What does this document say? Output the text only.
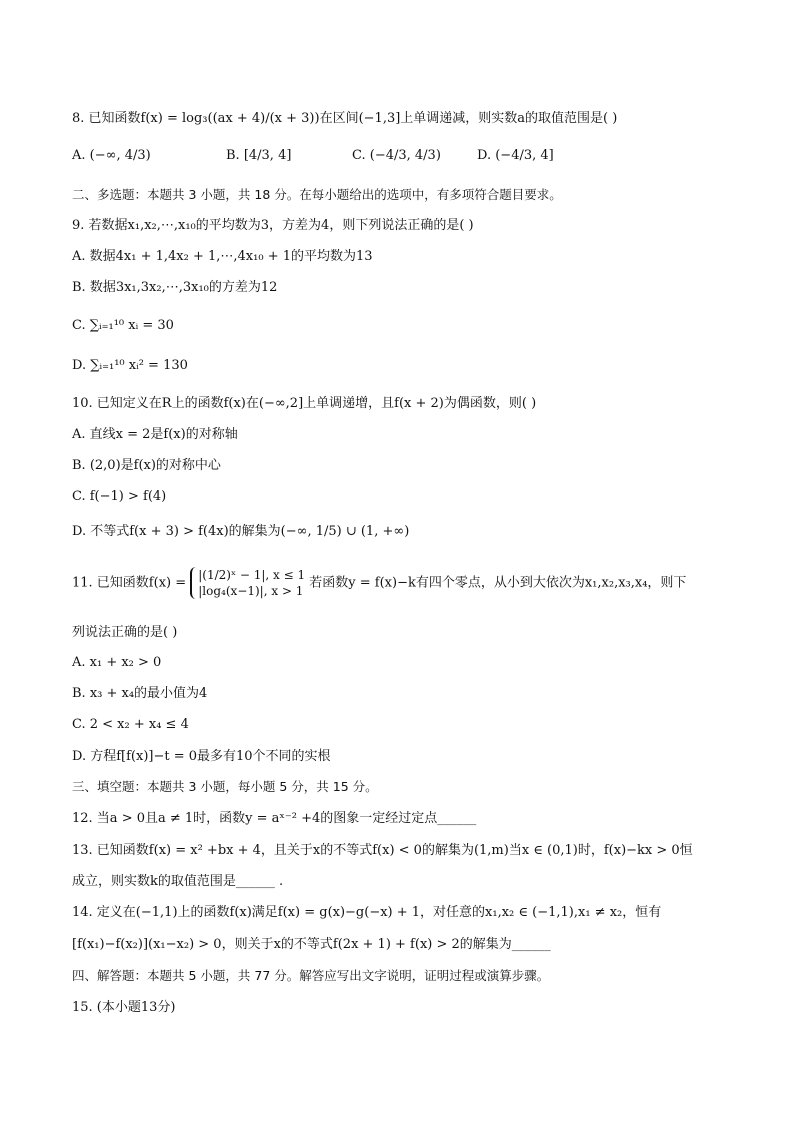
8. 已知函数f(x) = log₃((ax + 4)/(x + 3))在区间(−1,3]上单调递减，则实数a的取值范围是( )
A. (−∞, 4/3)	B. [4/3, 4]	C. (−4/3, 4/3)	D. (−4/3, 4]
二、多选题：本题共 3 小题，共 18 分。在每小题给出的选项中，有多项符合题目要求。
9. 若数据x₁,x₂,⋯,x₁₀的平均数为3，方差为4，则下列说法正确的是( )
A. 数据4x₁ + 1,4x₂ + 1,⋯,4x₁₀ + 1的平均数为13
B. 数据3x₁,3x₂,⋯,3x₁₀的方差为12
C. ∑ᵢ₌₁¹⁰ xᵢ = 30
D. ∑ᵢ₌₁¹⁰ xᵢ² = 130
10. 已知定义在R上的函数f(x)在(−∞,2]上单调递增，且f(x + 2)为偶函数，则( )
A. 直线x = 2是f(x)的对称轴
B. (2,0)是f(x)的对称中心
C. f(−1) > f(4)
D. 不等式f(x + 3) > f(4x)的解集为(−∞, 1/5) ∪ (1, +∞)
11. 已知函数f(x) =
|(1/2)ˣ − 1|, x ≤ 1
|log₄(x−1)|, x > 1
若函数y = f(x)−k有四个零点，从小到大依次为x₁,x₂,x₃,x₄，则下
列说法正确的是( )
A. x₁ + x₂ > 0
B. x₃ + x₄的最小值为4
C. 2 < x₂ + x₄ ≤ 4
D. 方程f[f(x)]−t = 0最多有10个不同的实根
三、填空题：本题共 3 小题，每小题 5 分，共 15 分。
12. 当a > 0且a ≠ 1时，函数y = aˣ⁻² +4的图象一定经过定点______
13. 已知函数f(x) = x² +bx + 4，且关于x的不等式f(x) < 0的解集为(1,m)当x ∈ (0,1)时，f(x)−kx > 0恒
成立，则实数k的取值范围是______ .
14. 定义在(−1,1)上的函数f(x)满足f(x) = g(x)−g(−x) + 1，对任意的x₁,x₂ ∈ (−1,1),x₁ ≠ x₂，恒有
[f(x₁)−f(x₂)](x₁−x₂) > 0，则关于x的不等式f(2x + 1) + f(x) > 2的解集为______
四、解答题：本题共 5 小题，共 77 分。解答应写出文字说明，证明过程或演算步骤。
15. (本小题13分)
